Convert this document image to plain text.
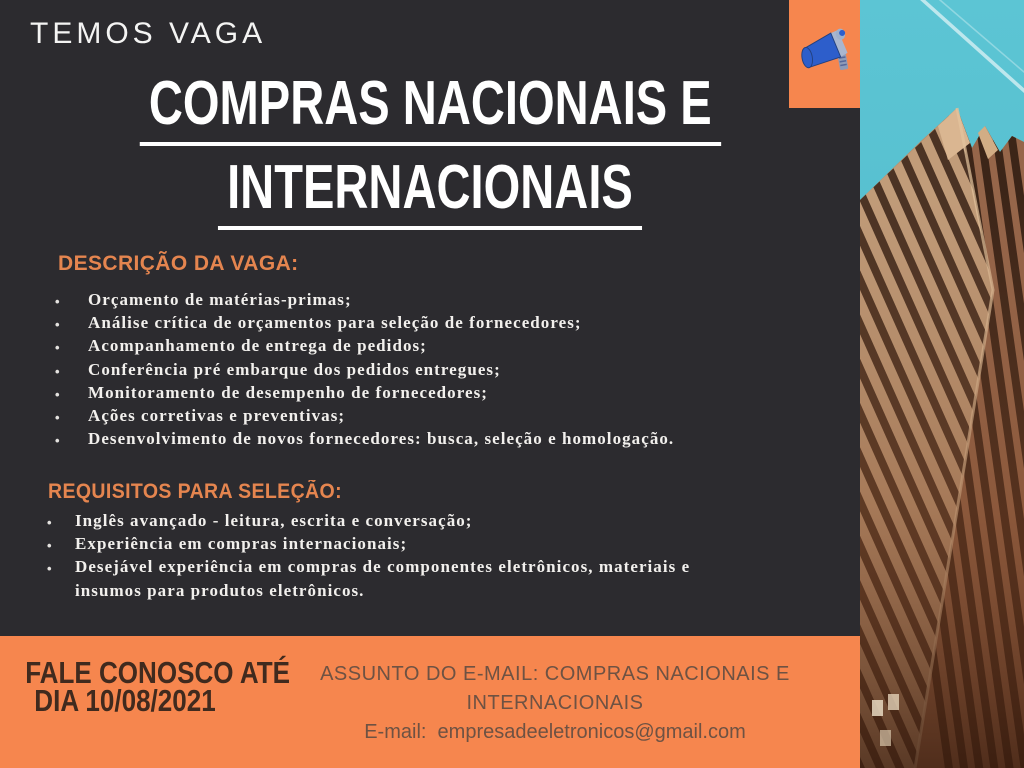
TEMOS VAGA
COMPRAS NACIONAIS E
INTERNACIONAIS
DESCRIÇÃO DA VAGA:
• Orçamento de matérias-primas;
• Análise crítica de orçamentos para seleção de fornecedores;
• Acompanhamento de entrega de pedidos;
• Conferência pré embarque dos pedidos entregues;
• Monitoramento de desempenho de fornecedores;
• Ações corretivas e preventivas;
• Desenvolvimento de novos fornecedores: busca, seleção e homologação.
REQUISITOS PARA SELEÇÃO:
• Inglês avançado - leitura, escrita e conversação;
• Experiência em compras internacionais;
• Desejável experiência em compras de componentes eletrônicos, materiais e insumos para produtos eletrônicos.
FALE CONOSCO ATÉ
DIA 10/08/2021
ASSUNTO DO E-MAIL: COMPRAS NACIONAIS E INTERNACIONAIS
E-mail:  empresadeeletronicos@gmail.com
